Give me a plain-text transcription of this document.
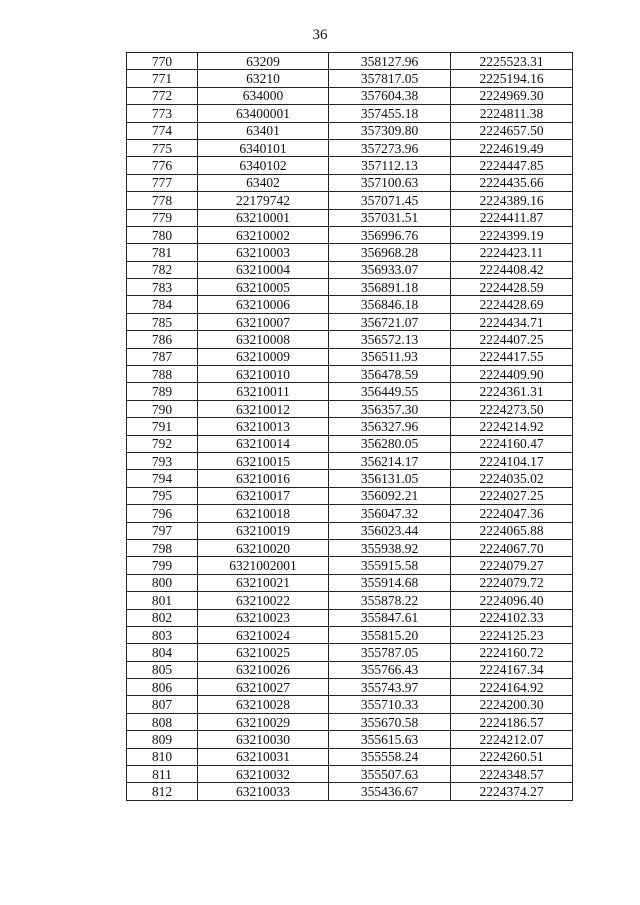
36
770	63209	358127.96	2225523.31
771	63210	357817.05	2225194.16
772	634000	357604.38	2224969.30
773	63400001	357455.18	2224811.38
774	63401	357309.80	2224657.50
775	6340101	357273.96	2224619.49
776	6340102	357112.13	2224447.85
777	63402	357100.63	2224435.66
778	22179742	357071.45	2224389.16
779	63210001	357031.51	2224411.87
780	63210002	356996.76	2224399.19
781	63210003	356968.28	2224423.11
782	63210004	356933.07	2224408.42
783	63210005	356891.18	2224428.59
784	63210006	356846.18	2224428.69
785	63210007	356721.07	2224434.71
786	63210008	356572.13	2224407.25
787	63210009	356511.93	2224417.55
788	63210010	356478.59	2224409.90
789	63210011	356449.55	2224361.31
790	63210012	356357.30	2224273.50
791	63210013	356327.96	2224214.92
792	63210014	356280.05	2224160.47
793	63210015	356214.17	2224104.17
794	63210016	356131.05	2224035.02
795	63210017	356092.21	2224027.25
796	63210018	356047.32	2224047.36
797	63210019	356023.44	2224065.88
798	63210020	355938.92	2224067.70
799	6321002001	355915.58	2224079.27
800	63210021	355914.68	2224079.72
801	63210022	355878.22	2224096.40
802	63210023	355847.61	2224102.33
803	63210024	355815.20	2224125.23
804	63210025	355787.05	2224160.72
805	63210026	355766.43	2224167.34
806	63210027	355743.97	2224164.92
807	63210028	355710.33	2224200.30
808	63210029	355670.58	2224186.57
809	63210030	355615.63	2224212.07
810	63210031	355558.24	2224260.51
811	63210032	355507.63	2224348.57
812	63210033	355436.67	2224374.27
